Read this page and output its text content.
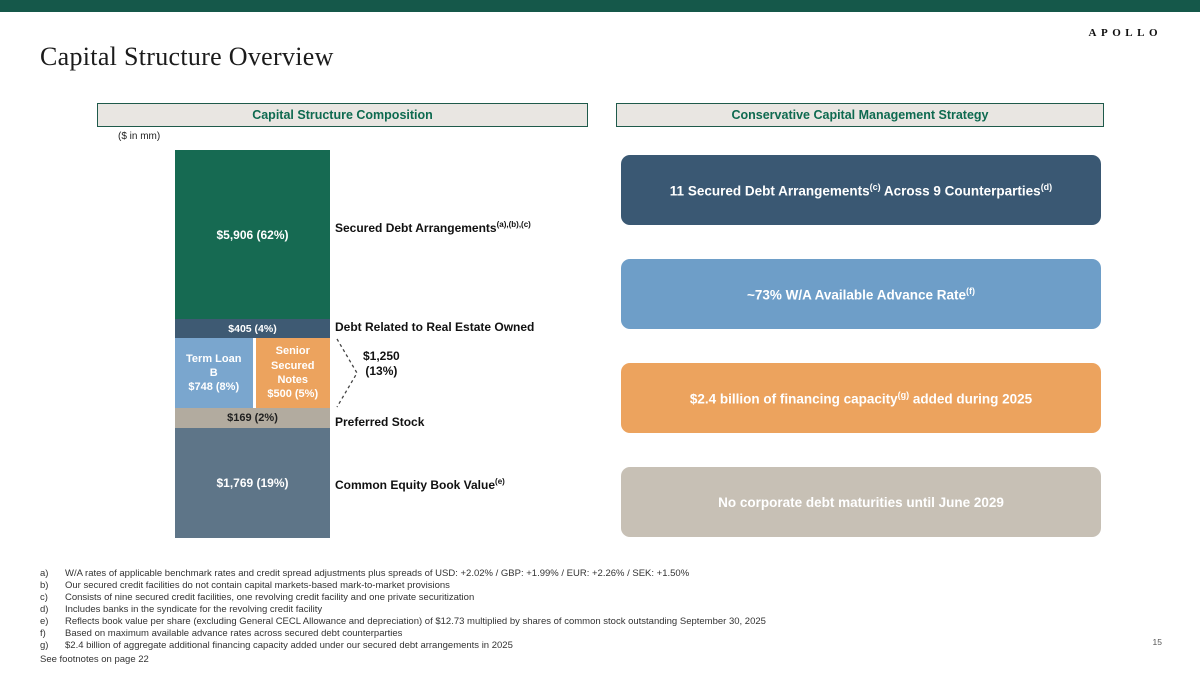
Capital Structure Overview
APOLLO
Capital Structure Composition	Conservative Capital Management Strategy
($ in mm)
$5,906 (62%)
$405 (4%)
Term Loan B
$748 (8%)
Senior Secured Notes
$500 (5%)
$169 (2%)
$1,769 (19%)
Secured Debt Arrangements$^{(a),(b),(c)}$
Debt Related to Real Estate Owned
$1,250
(13%)
Preferred Stock
Common Equity Book Value$^{(e)}$
11 Secured Debt Arrangements$^{(c)}$ Across 9 Counterparties$^{(d)}$
~73% W/A Available Advance Rate$^{(f)}$
$2.4 billion of financing capacity$^{(g)}$ added during 2025
No corporate debt maturities until June 2029
a)	W/A rates of applicable benchmark rates and credit spread adjustments plus spreads of USD: +2.02% / GBP: +1.99% / EUR: +2.26% / SEK: +1.50%
b)	Our secured credit facilities do not contain capital markets-based mark-to-market provisions
c)	Consists of nine secured credit facilities, one revolving credit facility and one private securitization
d)	Includes banks in the syndicate for the revolving credit facility
e)	Reflects book value per share (excluding General CECL Allowance and depreciation) of $12.73 multiplied by shares of common stock outstanding September 30, 2025
f)	Based on maximum available advance rates across secured debt counterparties
g)	$2.4 billion of aggregate additional financing capacity added under our secured debt arrangements in 2025
See footnotes on page 22
15
